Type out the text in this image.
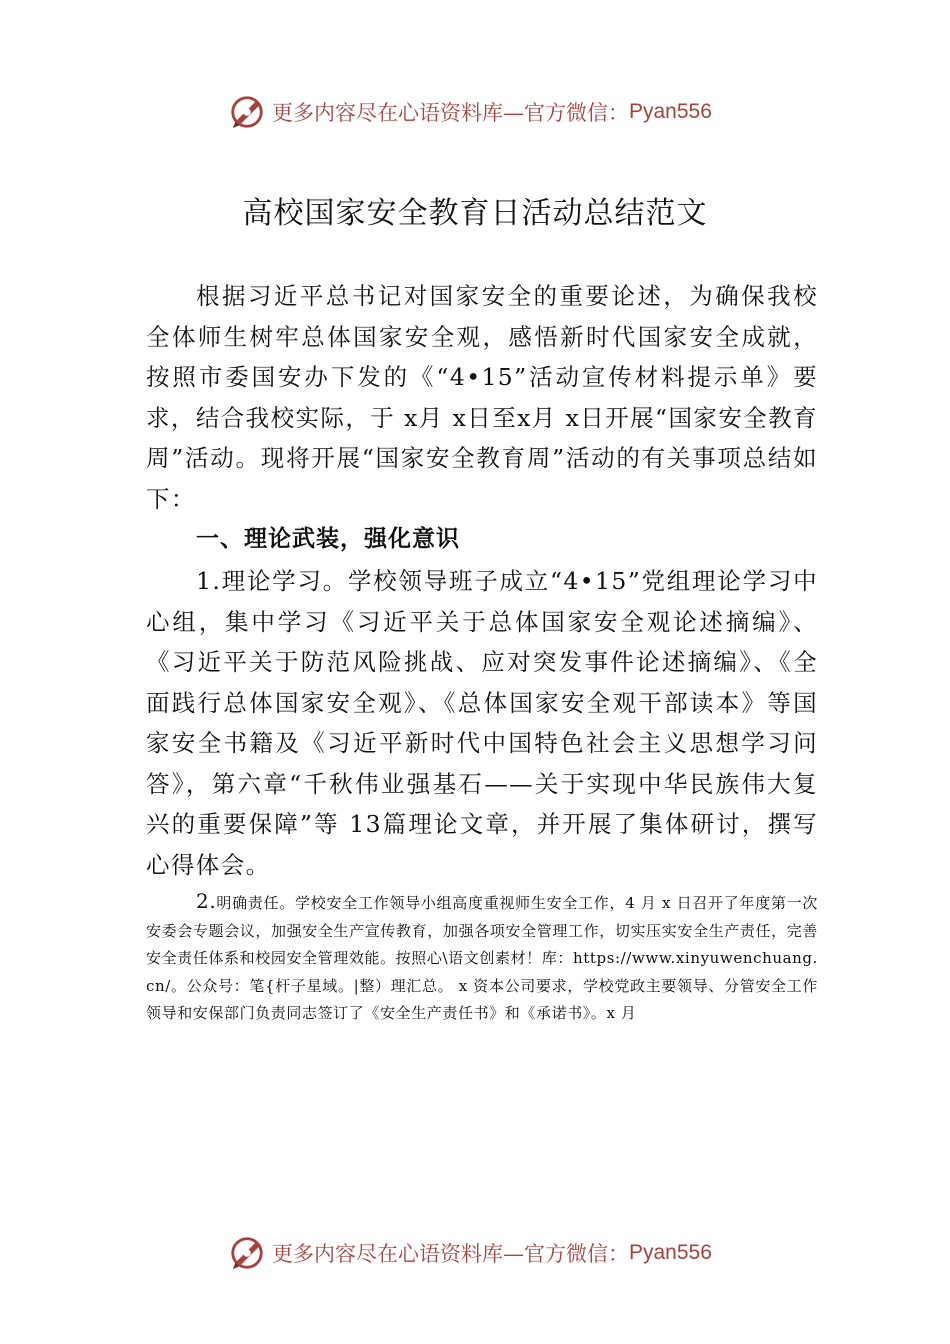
更多内容尽在心语资料库—官方微信： Pyan556
高校国家安全教育日活动总结范文
根据习近平总书记对国家安全的重要论述，为确保我校全体师生树牢总体国家安全观，感悟新时代国家安全成就， 按照市委国安办下发的《“4•15”活动宣传材料提示单》要求，结合我校实际，于 x月 x日至x月 x日开展“国家安全教育周”活动。现将开展“国家安全教育周”活动的有关事项总结如下：
一、理论武装，强化意识
1.理论学习。学校领导班子成立“4•15”党组理论学习中心组，集中学习《习近平关于总体国家安全观论述摘编》、《习近平关于防范风险挑战、应对突发事件论述摘编》、《全面践行总体国家安全观》、《总体国家安全观干部读本》等国家安全书籍及《习近平新时代中国特色社会主义思想学习问答》，第六章“千秋伟业强基石——关于实现中华民族伟大复兴的重要保障”等 13篇理论文章，并开展了集体研讨，撰写心得体会。
2.明确责任。学校安全工作领导小组高度重视师生安全工作，4 月 x 日召开了年度第一次安委会专题会议，加强安全生产宣传教育，加强各项安全管理工作，切实压实安全生产责任，完善安全责任体系和校园安全管理效能。按照心\语文创素材！库：https://www.xinyuwenchuang.cn/。公众号：笔{杆子星域。|整）理汇总。 x 资本公司要求，学校党政主要领导、分管安全工作领导和安保部门负责同志签订了《安全生产责任书》和《承诺书》。x 月
更多内容尽在心语资料库—官方微信： Pyan556
